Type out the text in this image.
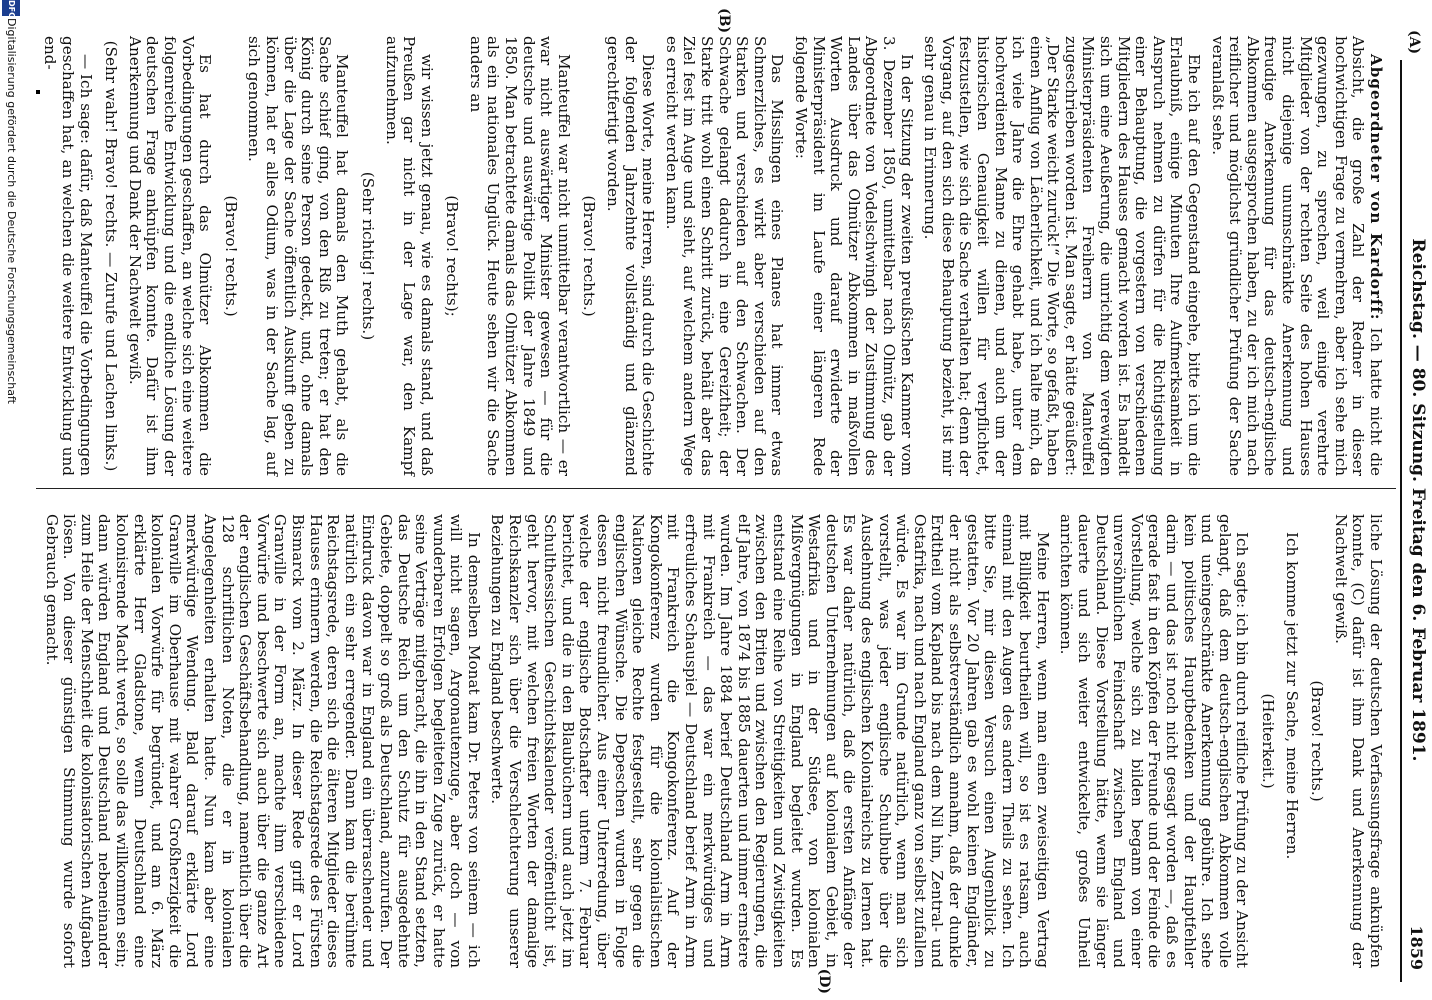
(A)
Reichstag. — 80. Sitzung. Freitag den 6. Februar 1891.
1859
(B)
(D)

Abgeordneter von Kardorff: Ich hatte nicht die Absicht, die große Zahl der Redner in dieser hochwichtigen Frage zu vermehren, aber ich sehe mich gezwungen, zu sprechen, weil einige verehrte Mitglieder von der rechten Seite des hohen Hauses nicht diejenige unumschränkte Anerkennung und freudige Anerkennung für das deutsch-englische Abkommen ausgesprochen haben, zu der ich mich nach reiflicher und möglichst gründlicher Prüfung der Sache veranlaßt sehe.

Ehe ich auf den Gegenstand eingehe, bitte ich um die Erlaubniß, einige Minuten Ihre Aufmerksamkeit in Anspruch nehmen zu dürfen für die Richtigstellung einer Behauptung, die vorgestern von verschiedenen Mitgliedern des Hauses gemacht worden ist. Es handelt sich um eine Aeußerung, die unrichtig dem verewigten Ministerpräsidenten Freiherrn von Manteuffel zugeschrieben worden ist. Man sagte, er hätte geäußert: „Der Starke weicht zurück!“ Die Worte, so gefaßt, haben einen Anflug von Lächerlichkeit, und ich halte mich, da ich viele Jahre die Ehre gehabt habe, unter dem hochverdienten Manne zu dienen, und auch um der historischen Genauigkeit willen für verpflichtet, festzustellen, wie sich die Sache verhalten hat; denn der Vorgang, auf den sich diese Behauptung bezieht, ist mir sehr genau in Erinnerung.

In der Sitzung der zweiten preußischen Kammer vom 3. Dezember 1850, unmittelbar nach Olmütz, gab der Abgeordnete von Vodelschwingh der Zustimmung des Landes über das Olmützer Abkommen in maßvollen Worten Ausdruck und darauf erwiderte der Ministerpräsident im Laufe einer längeren Rede folgende Worte:

Das Misslingen eines Planes hat immer etwas Schmerzliches, es wirkt aber verschieden auf den Starken und verschieden auf den Schwachen. Der Schwache gelangt dadurch in eine Gereiztheit; der Starke tritt wohl einen Schritt zurück, behält aber das Ziel fest im Auge und sieht, auf welchem andern Wege es erreicht werden kann.

Diese Worte, meine Herren, sind durch die Geschichte der folgenden Jahrzehnte vollständig und glänzend gerechtfertigt worden.

(Bravo! rechts.)

Manteuffel war nicht unmittelbar verantwortlich — er war nicht auswärtiger Minister gewesen — für die deutsche und auswärtige Politik der Jahre 1849 und 1850. Man betrachtete damals das Olmützer Abkommen als ein nationales Unglück. Heute sehen wir die Sache anders an

(Bravo! rechts);

wir wissen jetzt genau, wie es damals stand, und daß Preußen gar nicht in der Lage war, den Kampf aufzunehmen.

(Sehr richtig! rechts.)

Manteuffel hat damals den Muth gehabt, als die Sache schief ging, von den Riß zu treten; er hat den König durch seine Person gedeckt, und, ohne damals über die Lage der Sache öffentlich Auskunft geben zu können, hat er alles Odium, was in der Sache lag, auf sich genommen.

(Bravo! rechts.)

Es hat durch das Olmützer Abkommen die Vorbedingungen geschaffen, an welche sich eine weitere folgenreiche Entwicklung und die endliche Lösung der deutschen Frage anknüpfen konnte. Dafür ist ihm Anerkennung und Dank der Nachwelt gewiß.

(Sehr wahr! Bravo! rechts. — Zurufe und Lachen links.)

— Ich sage: dafür, daß Manteuffel die Vorbedingungen geschaffen hat, an welchen die weitere Entwicklung und end-

liche Lösung der deutschen Verfassungsfrage anknüpfen konnte, (C) dafür ist ihm Dank und Anerkennung der Nachwelt gewiß.

(Bravo! rechts.)

Ich komme jetzt zur Sache, meine Herren.

(Heiterkeit.)

Ich sagte: ich bin durch reifliche Prüfung zu der Ansicht gelangt, daß dem deutsch-englischen Abkommen volle und uneingeschränkte Anerkennung gebühre. Ich sehe kein politisches Hauptbedenken und der Hauptfehler darin — und das ist noch nicht gesagt worden —, daß es gerade fast in den Köpfen der Freunde und der Feinde die Vorstellung, welche sich zu bilden begann von einer unversöhnlichen Feindschaft zwischen England und Deutschland. Diese Vorstellung hätte, wenn sie länger dauerte und sich weiter entwickelte, großes Unheil anrichten können.

Meine Herren, wenn man einen zweiseitigen Vertrag mit Billigkeit beurtheilen will, so ist es ratsam, auch einmal mit den Augen des andern Theils zu sehen. Ich bitte Sie, mir diesen Versuch einen Augenblick zu gestatten. Vor 20 Jahren gab es wohl keinen Engländer, der nicht als selbstverständlich annahm, daß der dunkle Erdtheil vom Kapland bis nach dem Nil hin, Zentral- und Ostafrika, nach und nach England ganz von selbst zufallen würde. Es war im Grunde natürlich, wenn man sich vorstellt, was jeder englische Schulbube über die Ausdehnung des englischen Kolonialreichs zu lernen hat. Es war daher natürlich, daß die ersten Anfänge der deutschen Unternehmungen auf kolonialem Gebiet, in Westafrika und in der Südsee, von kolonialen Mißvergnügungen in England begleitet wurden. Es entstand eine Reihe von Streitigkeiten und Zwistigkeiten zwischen den Briten und zwischen den Regierungen, die elf Jahre, von 1874 bis 1885 dauerten und immer ernstere wurden. Im Jahre 1884 berief Deutschland Arm in Arm mit Frankreich — das war ein merkwürdiges und erfreuliches Schauspiel — Deutschland berief Arm in Arm mit Frankreich die Kongokonferenz. Auf der Kongokonferenz wurden für die kolonialistischen Nationen gleiche Rechte festgestellt, sehr gegen die englischen Wünsche. Die Depeschen wurden in Folge dessen nicht freundlicher. Aus einer Unterredung, über welche der englische Botschafter unterm 7. Februar berichtet, und die in den Blaubüchern und auch jetzt im Schulthessischen Geschichtskalender veröffentlicht ist, geht hervor, mit welchen freien Worten der damalige Reichskanzler sich über die Verschlechterung unserer Beziehungen zu England beschwerte.

In demselben Monat kam Dr. Peters von seinem — ich will nicht sagen, Argonautenzuge, aber doch — von wunderbaren Erfolgen begleiteten Zuge zurück, er hatte seine Verträge mitgebracht, die ihn in den Stand setzten, das Deutsche Reich um den Schutz für ausgedehnte Gebiete, doppelt so groß als Deutschland, anzurufen. Der Eindruck davon war in England ein überraschender und natürlich ein sehr erregender. Dann kam die berühmte Reichstagsrede, deren sich die älteren Mitglieder dieses Hauses erinnern werden, die Reichstagsrede des Fürsten Bismarck vom 2. März. In dieser Rede griff er Lord Granville in der Form an, machte ihm verschiedene Vorwürfe und beschwerte sich auch über die ganze Art der englischen Geschäftsbehandlung, namentlich über die 128 schriftlichen Noten, die er in kolonialen Angelegenheiten erhalten hatte. Nun kam aber eine merkwürdige Wendung. Bald darauf erklärte Lord Granville im Oberhause mit wahrer Großherzigkeit die kolonialen Vorwürfe für begründet, und am 6. März erklärte Herr Gladstone, wenn Deutschland eine kolonisirende Macht werde, so solle das willkommen sein; dann würden England und Deutschland nebeneinander zum Heile der Menschheit die kolonisatorischen Aufgaben lösen. Von dieser günstigen Stimmung wurde sofort Gebrauch gemacht.

DFG
Digitalisierung gefördert durch die Deutsche Forschungsgemeinschaft
